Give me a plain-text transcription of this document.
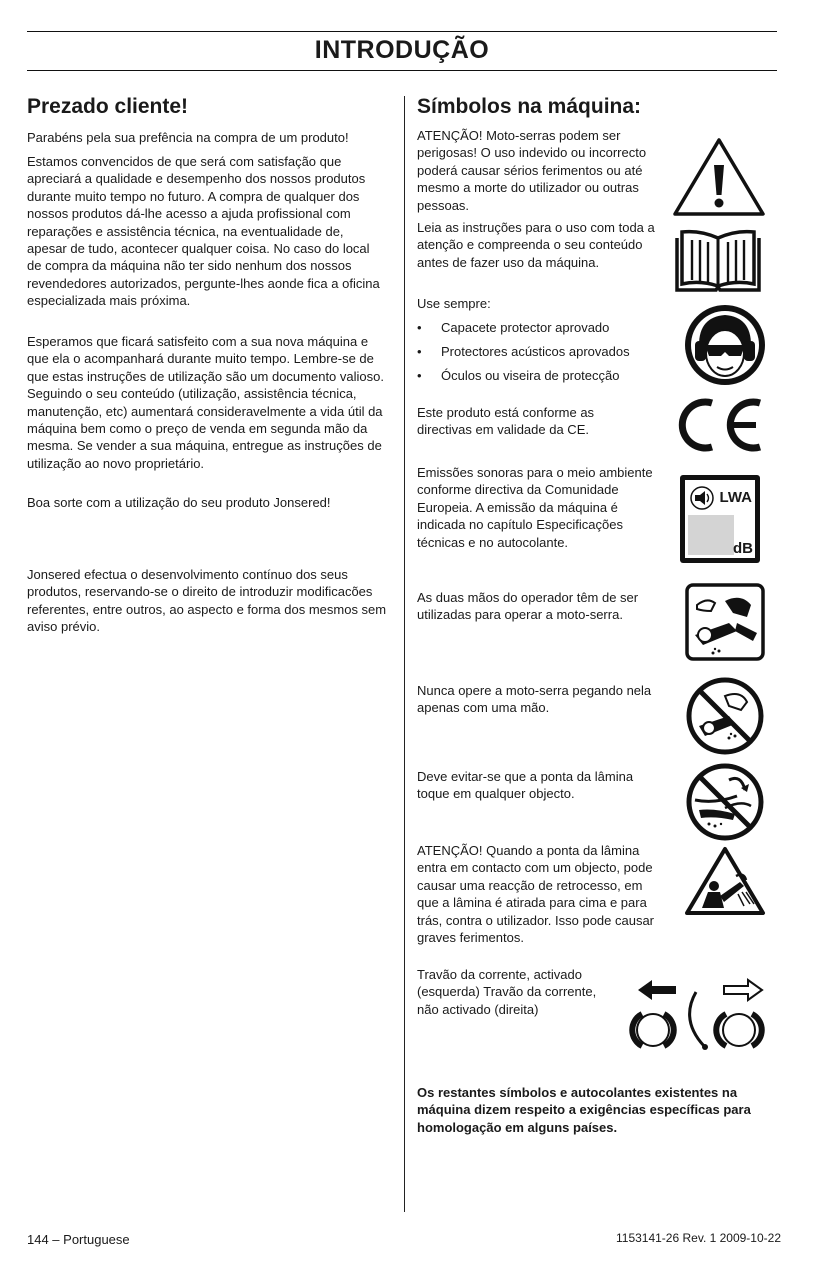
INTRODUÇÃO
Prezado cliente!

Parabéns pela sua prefência na compra de um produto!

Estamos convencidos de que será com satisfação que apreciará a qualidade e desempenho dos nossos produtos durante muito tempo no futuro. A compra de qualquer dos nossos produtos dá-lhe acesso a ajuda profissional com reparações e assistência técnica, na eventualidade de, apesar de tudo, acontecer qualquer coisa. No caso do local de compra da máquina não ter sido nenhum dos nossos revendedores autorizados, pergunte-lhes aonde fica a oficina especializada mais próxima.

Esperamos que ficará satisfeito com a sua nova máquina e que ela o acompanhará durante muito tempo. Lembre-se de que estas instruções de utilização são um documento valioso. Seguindo o seu conteúdo (utilização, assistência técnica, manutenção, etc) aumentará consideravelmente a vida útil da máquina bem como o preço de venda em segunda mão da mesma. Se vender a sua máquina, entregue as instruções de utilização ao novo proprietário.

Boa sorte com a utilização do seu produto Jonsered!

Jonsered efectua o desenvolvimento contínuo dos seus produtos, reservando-se o direito de introduzir modificacões referentes, entre outros, ao aspecto e forma dos mesmos sem aviso prévio.

Símbolos na máquina:

ATENÇÃO! Moto-serras podem ser perigosas! O uso indevido ou incorrecto poderá causar sérios ferimentos ou até mesmo a morte do utilizador ou outras pessoas.

Leia as instruções para o uso com toda a atenção e compreenda o seu conteúdo antes de fazer uso da máquina.

Use sempre:

• Capacete protector aprovado
• Protectores acústicos aprovados
• Óculos ou viseira de protecção

Este produto está conforme as directivas em validade da CE.

Emissões sonoras para o meio ambiente conforme directiva da Comunidade Europeia. A emissão da máquina é indicada no capítulo Especificações técnicas e no autocolante.

LWA
dB

As duas mãos do operador têm de ser utilizadas para operar a moto-serra.

Nunca opere a moto-serra pegando nela apenas com uma mão.

Deve evitar-se que a ponta da lâmina toque em qualquer objecto.

ATENÇÃO! Quando a ponta da lâmina entra em contacto com um objecto, pode causar uma reacção de retrocesso, em que a lâmina é atirada para cima e para trás, contra o utilizador. Isso pode causar graves ferimentos.

Travão da corrente, activado (esquerda) Travão da corrente, não activado (direita)

Os restantes símbolos e autocolantes existentes na máquina dizem respeito a exigências específicas para homologação em alguns países.

144 – Portuguese	1153141-26 Rev. 1 2009-10-22
